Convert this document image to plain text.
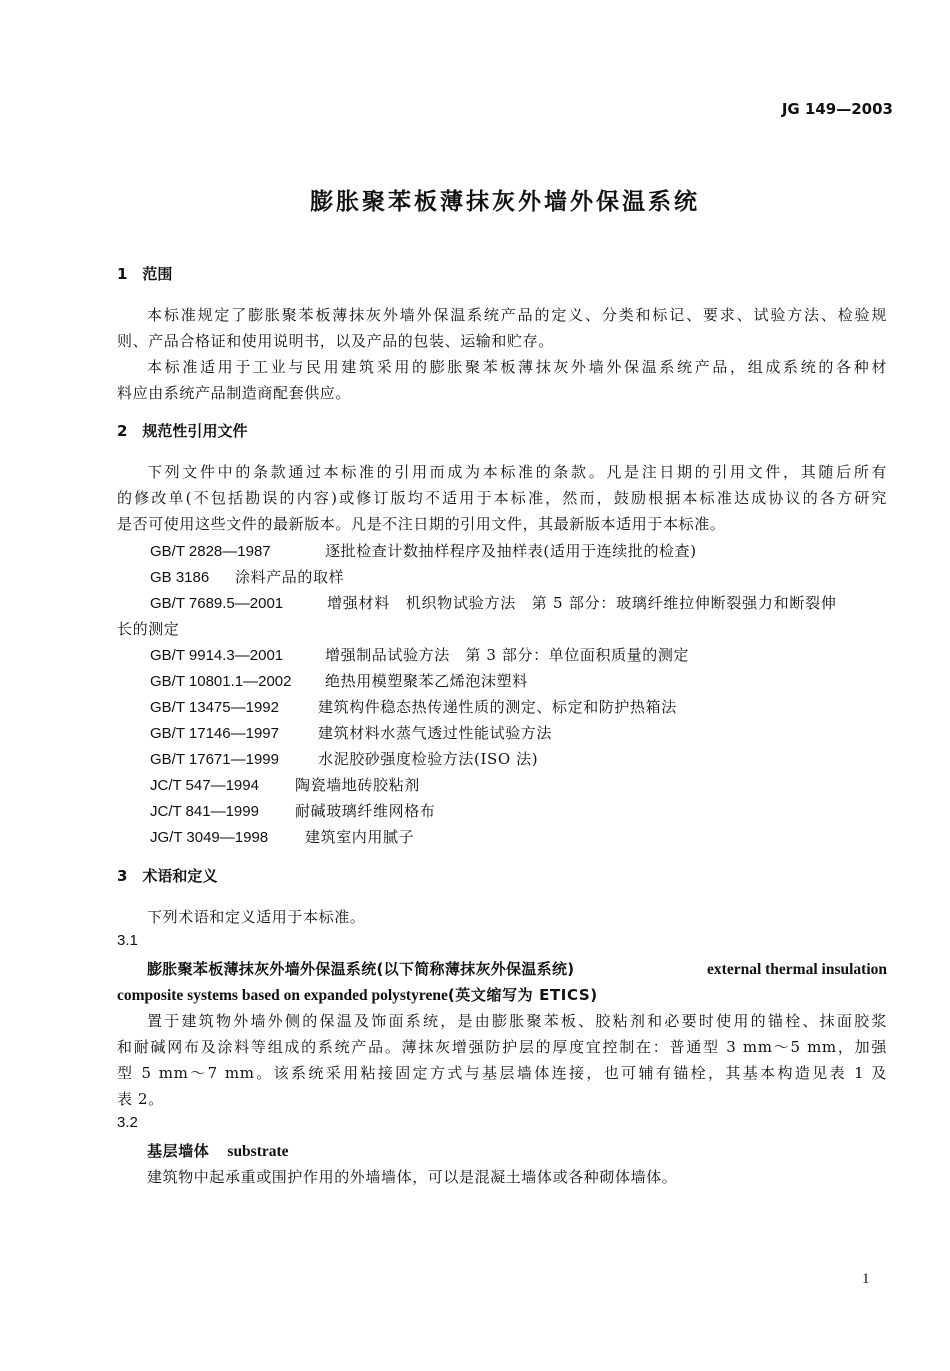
JG 149—2003
膨胀聚苯板薄抹灰外墙外保温系统
1　范围
本标准规定了膨胀聚苯板薄抹灰外墙外保温系统产品的定义、分类和标记、要求、试验方法、检验规
则、产品合格证和使用说明书，以及产品的包装、运输和贮存。
本标准适用于工业与民用建筑采用的膨胀聚苯板薄抹灰外墙外保温系统产品，组成系统的各种材
料应由系统产品制造商配套供应。
2　规范性引用文件
下列文件中的条款通过本标准的引用而成为本标准的条款。凡是注日期的引用文件，其随后所有
的修改单(不包括勘误的内容)或修订版均不适用于本标准，然而，鼓励根据本标准达成协议的各方研究
是否可使用这些文件的最新版本。凡是不注日期的引用文件，其最新版本适用于本标准。
GB/T 2828—1987	逐批检查计数抽样程序及抽样表(适用于连续批的检查)
GB 3186 涂料产品的取样
GB/T 7689.5—2001	增强材料　机织物试验方法　第 5 部分：玻璃纤维拉伸断裂强力和断裂伸
长的测定
GB/T 9914.3—2001	增强制品试验方法　第 3 部分：单位面积质量的测定
GB/T 10801.1—2002 绝热用模塑聚苯乙烯泡沫塑料
GB/T 13475—1992	建筑构件稳态热传递性质的测定、标定和防护热箱法
GB/T 17146—1997	建筑材料水蒸气透过性能试验方法
GB/T 17671—1999	水泥胶砂强度检验方法(ISO 法)
JC/T 547—1994 陶瓷墙地砖胶粘剂
JC/T 841—1999 耐碱玻璃纤维网格布
JG/T 3049—1998 建筑室内用腻子
3　术语和定义
下列术语和定义适用于本标准。
3.1
膨胀聚苯板薄抹灰外墙外保温系统(以下简称薄抹灰外保温系统)	external thermal insulation
composite systems based on expanded polystyrene(英文缩写为 ETICS)
置于建筑物外墙外侧的保温及饰面系统，是由膨胀聚苯板、胶粘剂和必要时使用的锚栓、抹面胶浆
和耐碱网布及涂料等组成的系统产品。薄抹灰增强防护层的厚度宜控制在：普通型 3 mm～5 mm，加强
型 5 mm～7 mm。该系统采用粘接固定方式与基层墙体连接，也可辅有锚栓，其基本构造见表 1 及
表 2。
3.2
基层墙体 substrate
建筑物中起承重或围护作用的外墙墙体，可以是混凝土墙体或各种砌体墙体。
1
